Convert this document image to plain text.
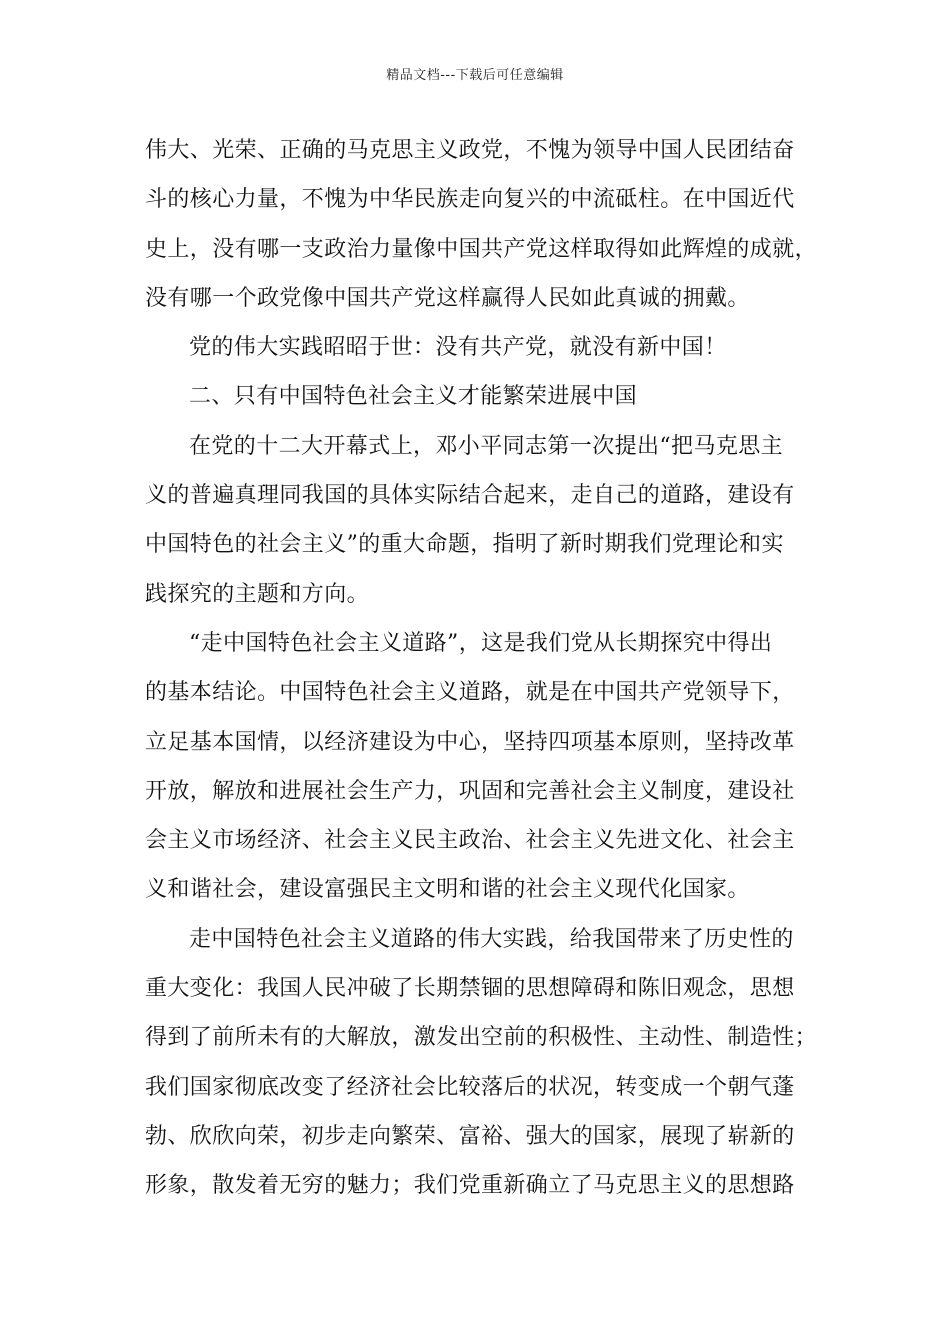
精品文档---下载后可任意编辑

伟大、光荣、正确的马克思主义政党，不愧为领导中国人民团结奋
斗的核心力量，不愧为中华民族走向复兴的中流砥柱。在中国近代
史上，没有哪一支政治力量像中国共产党这样取得如此辉煌的成就，
没有哪一个政党像中国共产党这样赢得人民如此真诚的拥戴。

党的伟大实践昭昭于世：没有共产党，就没有新中国！

二、只有中国特色社会主义才能繁荣进展中国

在党的十二大开幕式上，邓小平同志第一次提出“把马克思主
义的普遍真理同我国的具体实际结合起来，走自己的道路，建设有
中国特色的社会主义”的重大命题，指明了新时期我们党理论和实
践探究的主题和方向。

“走中国特色社会主义道路”，这是我们党从长期探究中得出
的基本结论。中国特色社会主义道路，就是在中国共产党领导下，
立足基本国情，以经济建设为中心，坚持四项基本原则，坚持改革
开放，解放和进展社会生产力，巩固和完善社会主义制度，建设社
会主义市场经济、社会主义民主政治、社会主义先进文化、社会主
义和谐社会，建设富强民主文明和谐的社会主义现代化国家。

走中国特色社会主义道路的伟大实践，给我国带来了历史性的
重大变化：我国人民冲破了长期禁锢的思想障碍和陈旧观念，思想
得到了前所未有的大解放，激发出空前的积极性、主动性、制造性；
我们国家彻底改变了经济社会比较落后的状况，转变成一个朝气蓬
勃、欣欣向荣，初步走向繁荣、富裕、强大的国家，展现了崭新的
形象，散发着无穷的魅力；我们党重新确立了马克思主义的思想路
